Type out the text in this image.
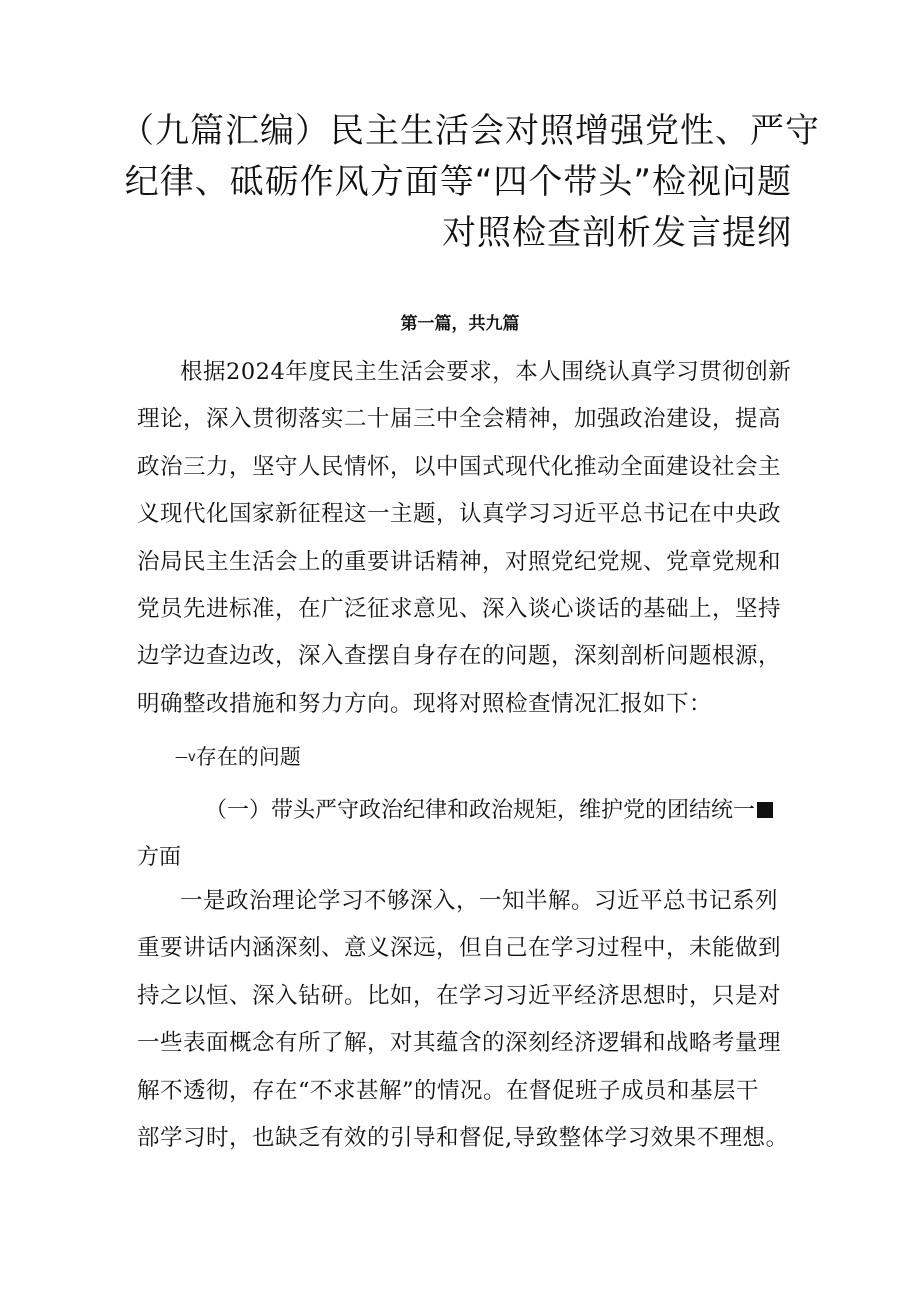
（九篇汇编）民主生活会对照增强党性、严守
纪律、砥砺作风方面等“四个带头”检视问题
对照检查剖析发言提纲
第一篇，共九篇
根据2024年度民主生活会要求，本人围绕认真学习贯彻创新
理论，深入贯彻落实二十届三中全会精神，加强政治建设，提高
政治三力，坚守人民情怀，以中国式现代化推动全面建设社会主
义现代化国家新征程这一主题，认真学习习近平总书记在中央政
治局民主生活会上的重要讲话精神，对照党纪党规、党章党规和
党员先进标准，在广泛征求意见、深入谈心谈话的基础上，坚持
边学边查边改，深入查摆自身存在的问题，深刻剖析问题根源，
明确整改措施和努力方向。现将对照检查情况汇报如下：
—v存在的问题
（一）带头严守政治纪律和政治规矩，维护党的团结统一
方面
一是政治理论学习不够深入，一知半解。习近平总书记系列
重要讲话内涵深刻、意义深远，但自己在学习过程中，未能做到
持之以恒、深入钻研。比如，在学习习近平经济思想时，只是对
一些表面概念有所了解，对其蕴含的深刻经济逻辑和战略考量理
解不透彻，存在“不求甚解”的情况。在督促班子成员和基层干
部学习时，也缺乏有效的引导和督促,导致整体学习效果不理想。
